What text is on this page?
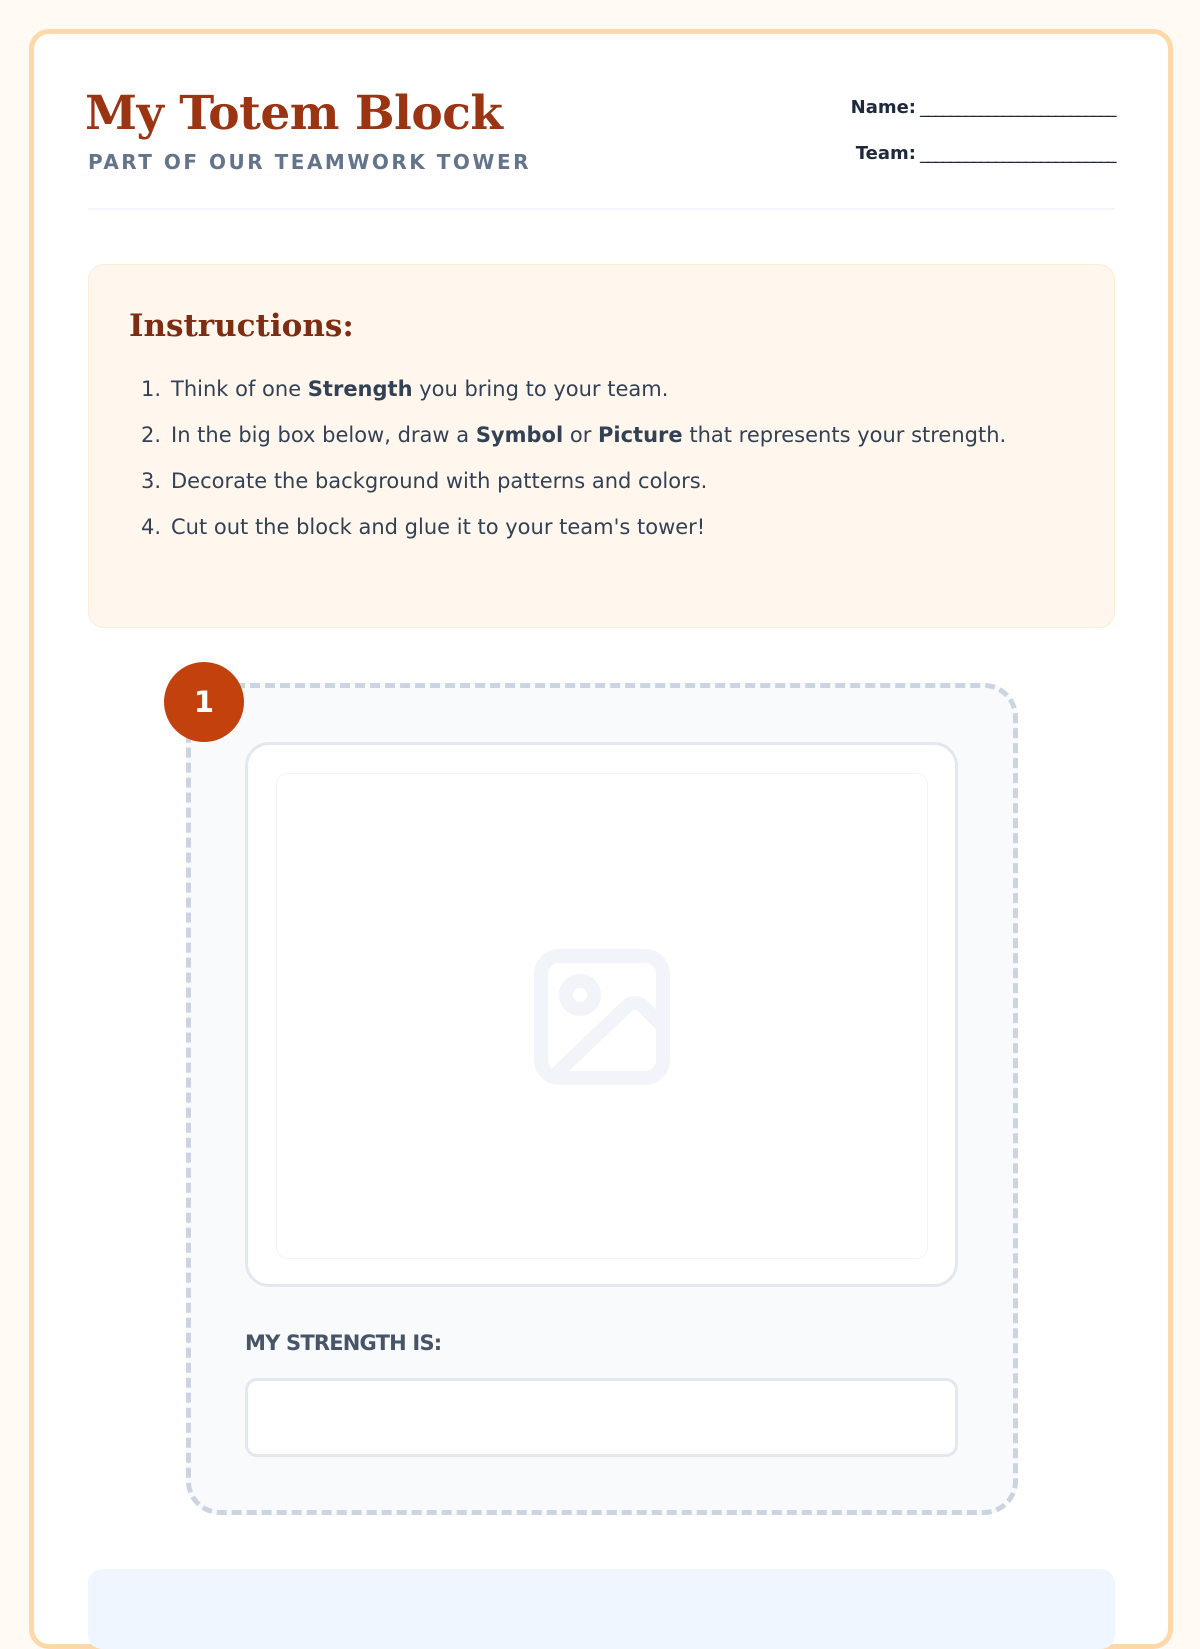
My Totem Block
PART OF OUR TEAMWORK TOWER
Name: __________________________
Team: __________________________
Instructions:
1. Think of one Strength you bring to your team.
2. In the big box below, draw a Symbol or Picture that represents your strength.
3. Decorate the background with patterns and colors.
4. Cut out the block and glue it to your team's tower!
1
MY STRENGTH IS:
